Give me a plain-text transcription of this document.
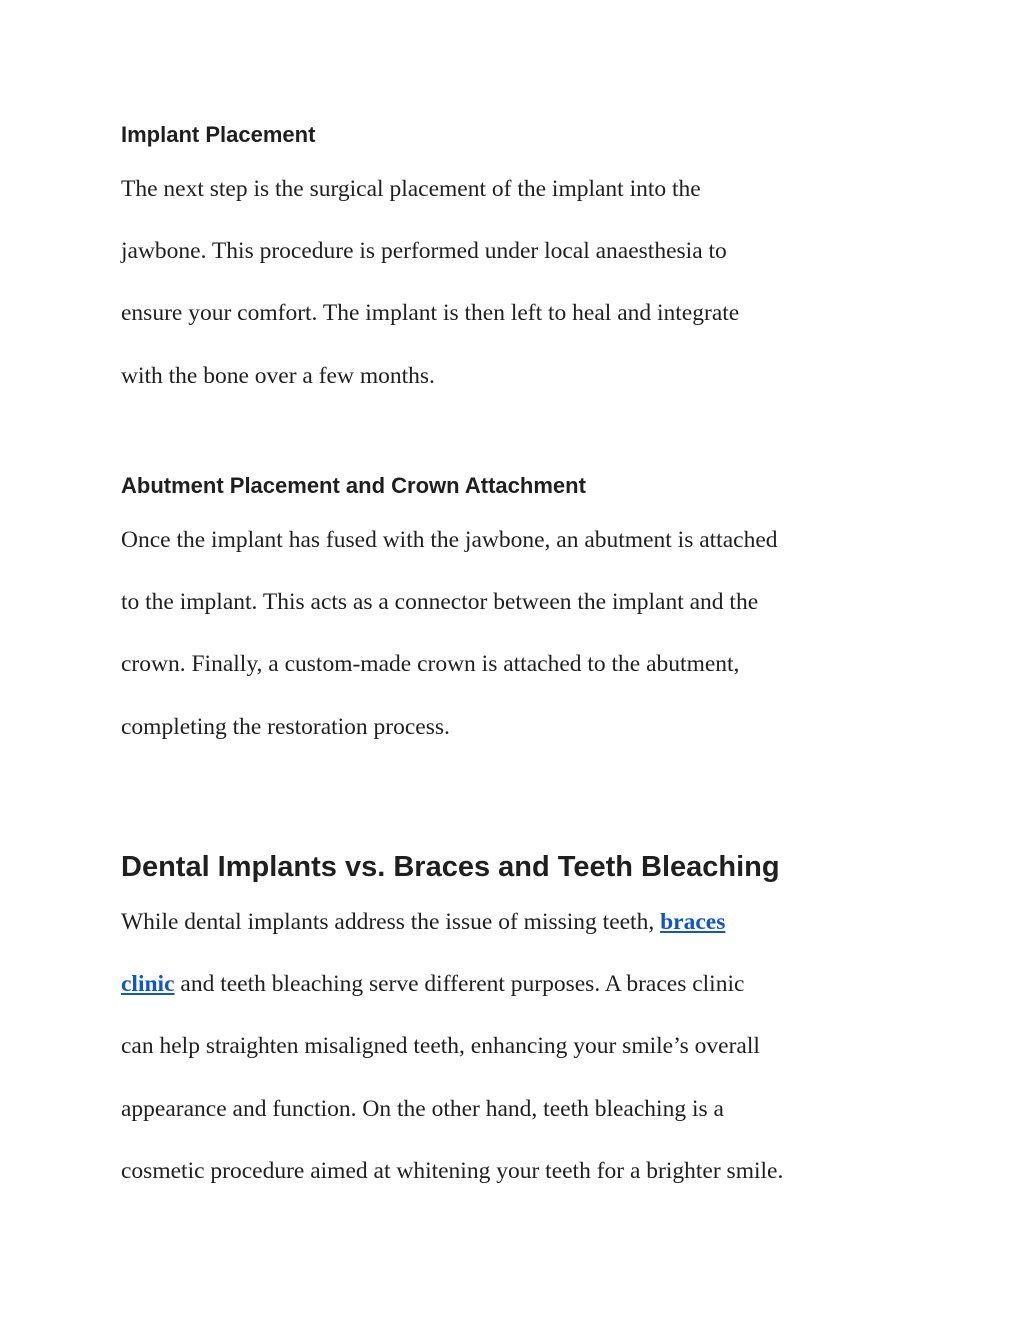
Implant Placement

The next step is the surgical placement of the implant into the
jawbone. This procedure is performed under local anaesthesia to
ensure your comfort. The implant is then left to heal and integrate
with the bone over a few months.

Abutment Placement and Crown Attachment

Once the implant has fused with the jawbone, an abutment is attached
to the implant. This acts as a connector between the implant and the
crown. Finally, a custom-made crown is attached to the abutment,
completing the restoration process.

Dental Implants vs. Braces and Teeth Bleaching

While dental implants address the issue of missing teeth, braces
clinic and teeth bleaching serve different purposes. A braces clinic
can help straighten misaligned teeth, enhancing your smile’s overall
appearance and function. On the other hand, teeth bleaching is a
cosmetic procedure aimed at whitening your teeth for a brighter smile.
